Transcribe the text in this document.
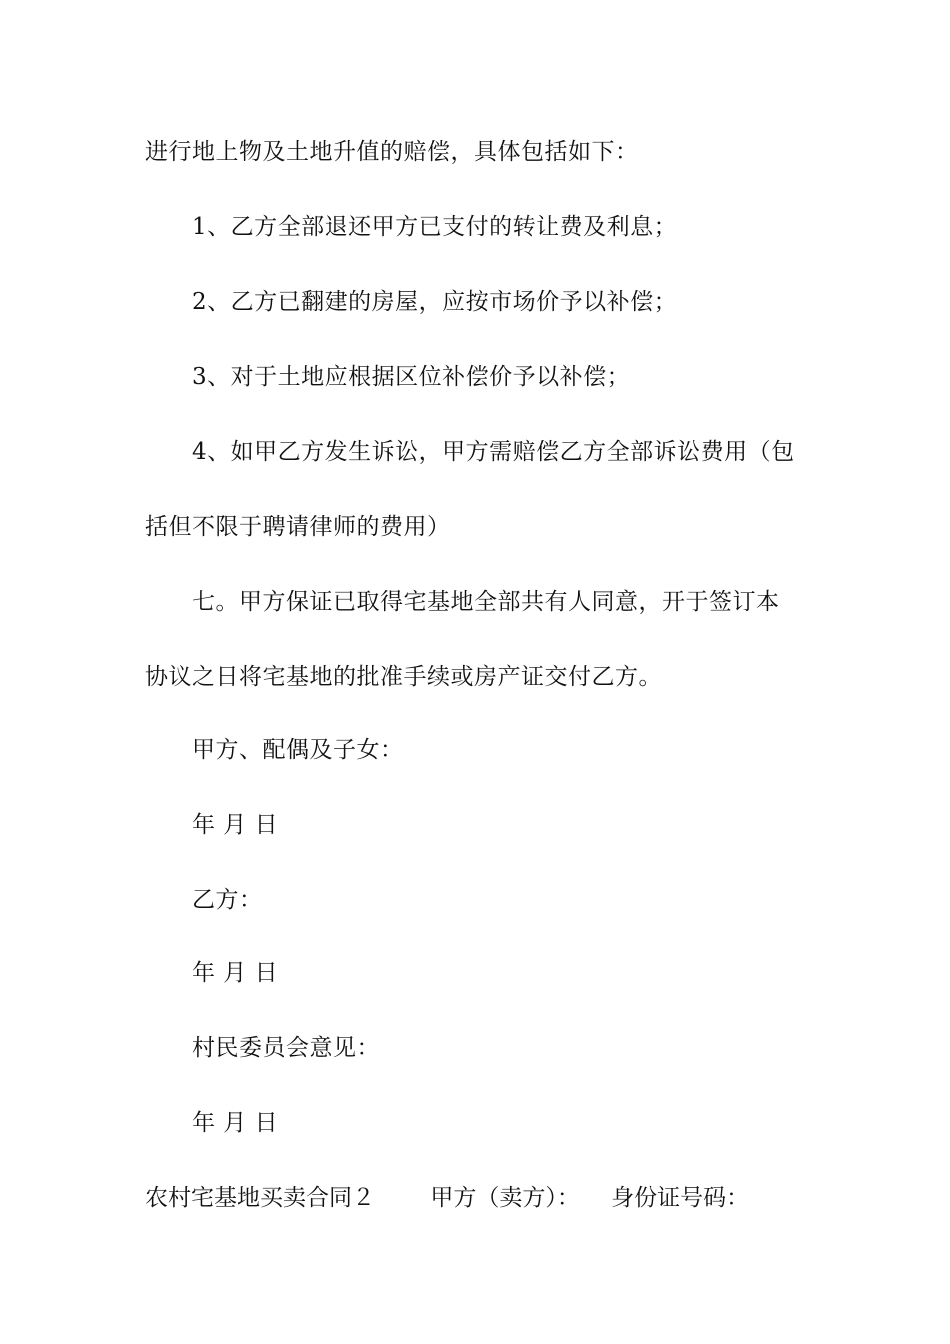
进行地上物及土地升值的赔偿，具体包括如下：
1、乙方全部退还甲方已支付的转让费及利息；
2、乙方已翻建的房屋，应按市场价予以补偿；
3、对于土地应根据区位补偿价予以补偿；
4、如甲乙方发生诉讼，甲方需赔偿乙方全部诉讼费用（包
括但不限于聘请律师的费用）
七。甲方保证已取得宅基地全部共有人同意，开于签订本
协议之日将宅基地的批准手续或房产证交付乙方。
甲方、配偶及子女：
年 月 日
乙方：
年 月 日
村民委员会意见：
年 月 日
农村宅基地买卖合同２ 甲方（卖方）： 身份证号码：
